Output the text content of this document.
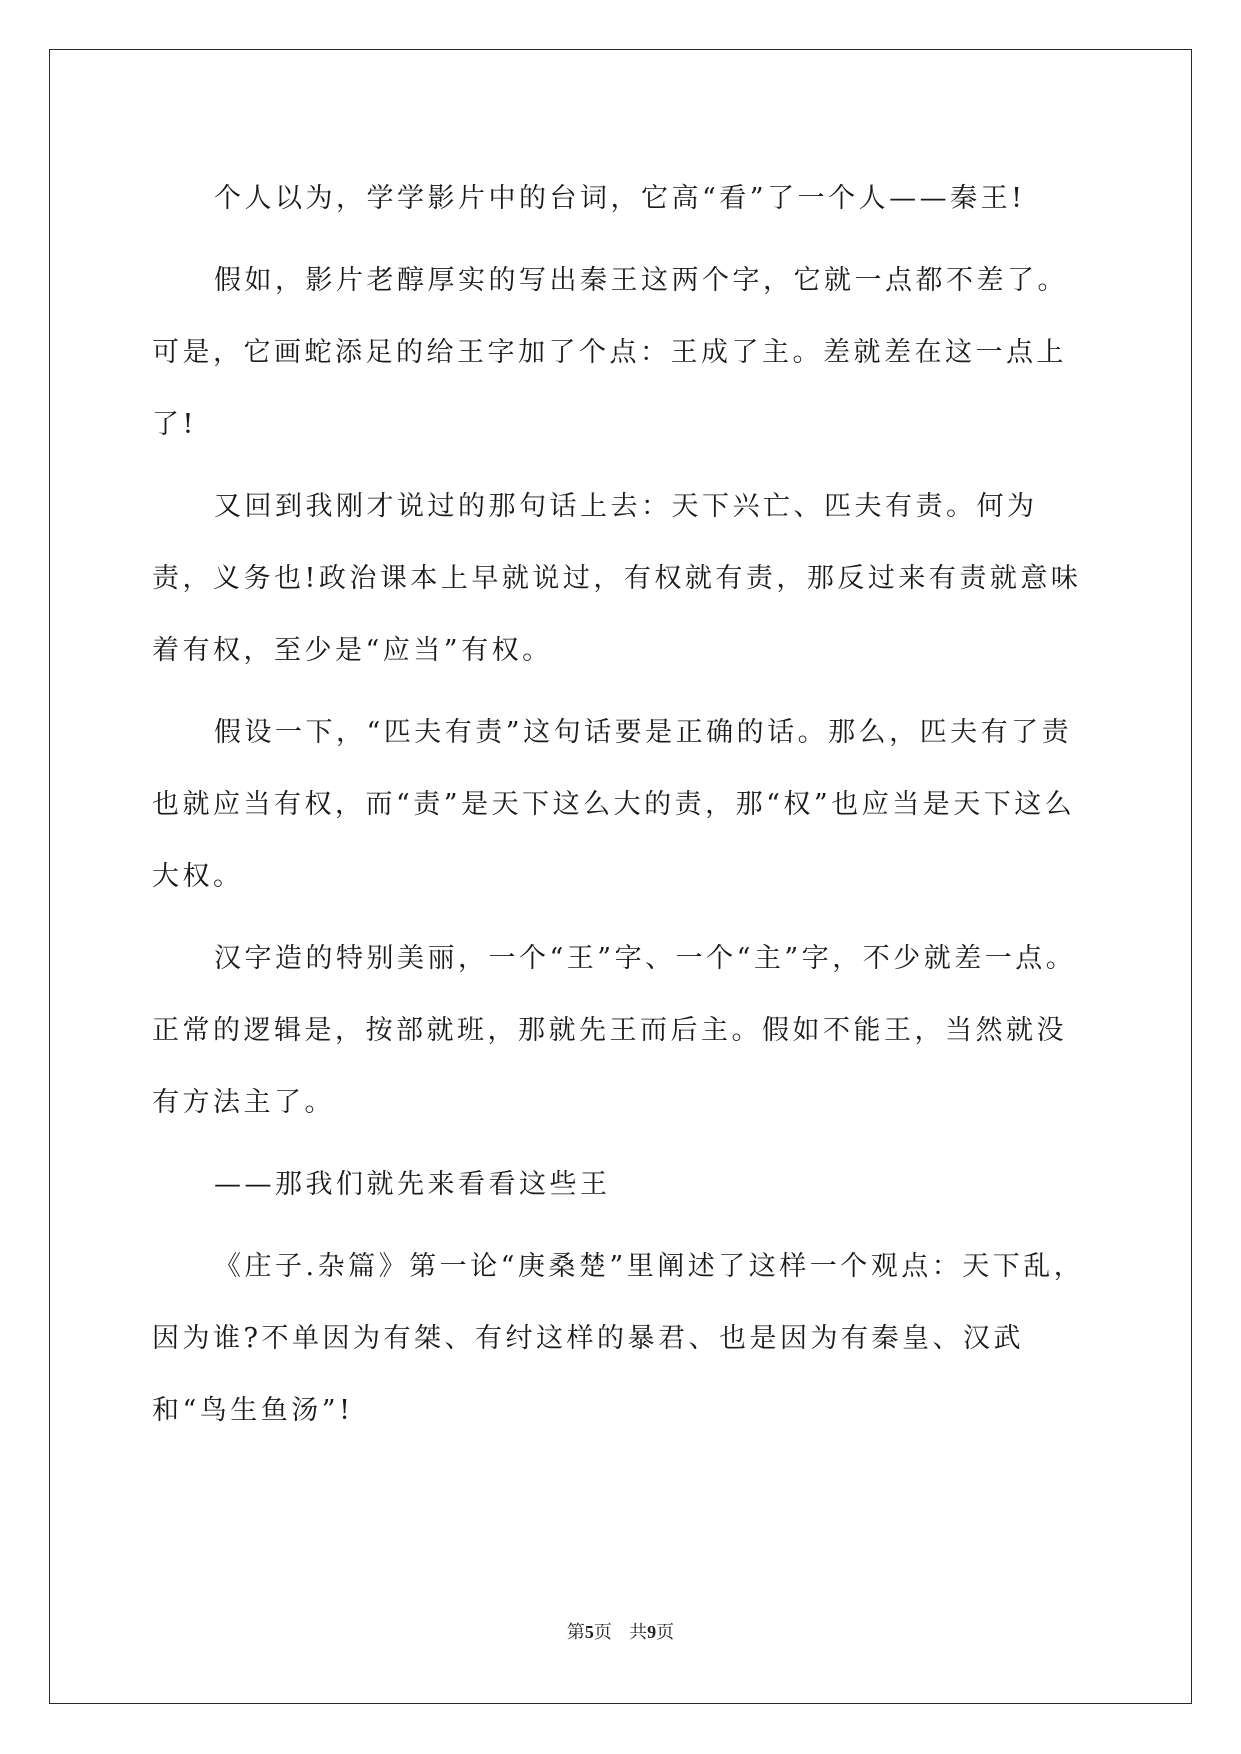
个人以为，学学影片中的台词，它高“看”了一个人——秦王!

假如，影片老醇厚实的写出秦王这两个字，它就一点都不差了。可是，它画蛇添足的给王字加了个点：王成了主。差就差在这一点上了!

又回到我刚才说过的那句话上去：天下兴亡、匹夫有责。何为责，义务也!政治课本上早就说过，有权就有责，那反过来有责就意味着有权，至少是“应当”有权。

假设一下，“匹夫有责”这句话要是正确的话。那么，匹夫有了责也就应当有权，而“责”是天下这么大的责，那“权”也应当是天下这么大权。

汉字造的特别美丽，一个“王”字、一个“主”字，不少就差一点。正常的逻辑是，按部就班，那就先王而后主。假如不能王，当然就没有方法主了。

——那我们就先来看看这些王

《庄子.杂篇》第一论“庚桑楚”里阐述了这样一个观点：天下乱，因为谁?不单因为有桀、有纣这样的暴君、也是因为有秦皇、汉武和“鸟生鱼汤”!

第5页   共9页
